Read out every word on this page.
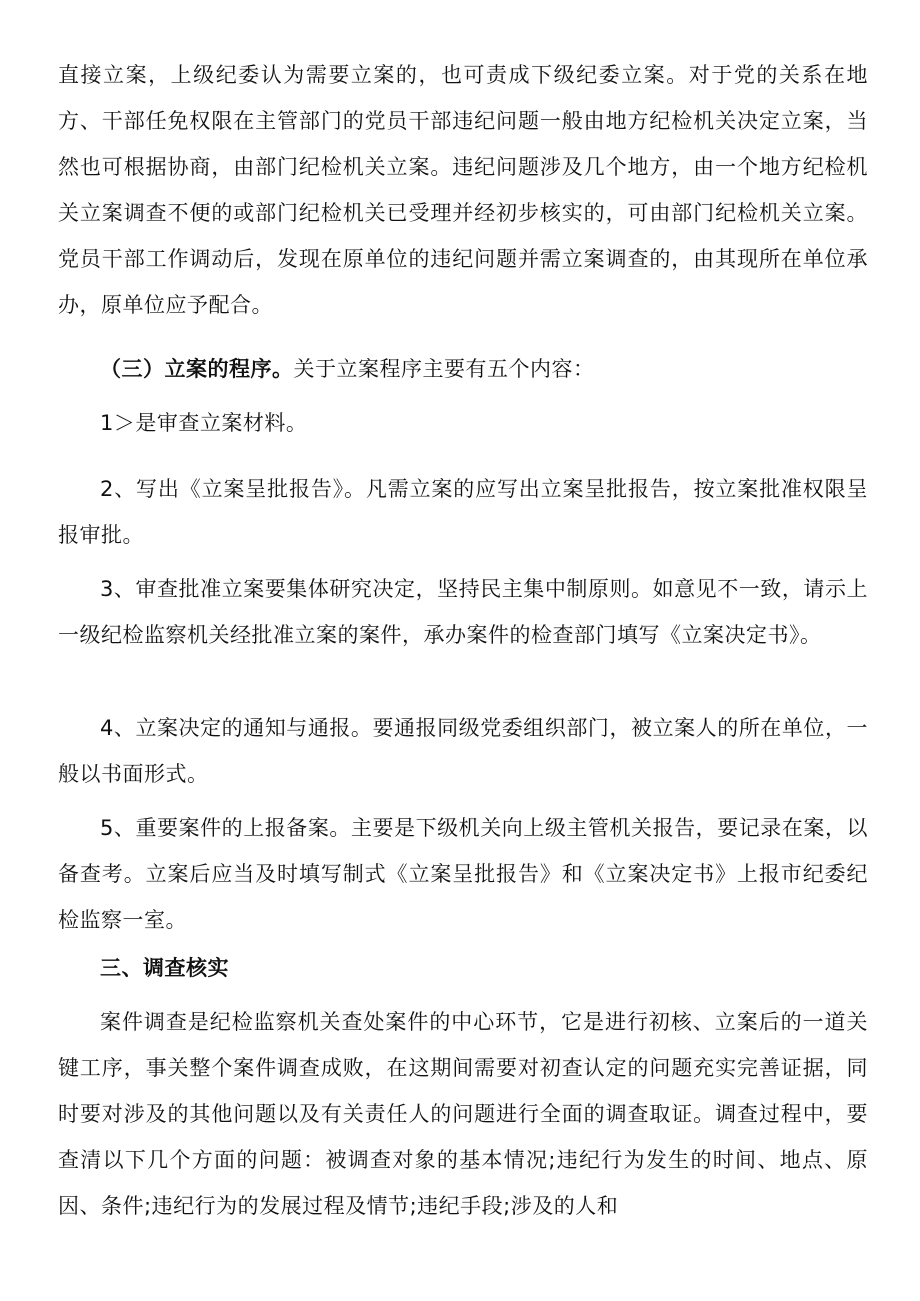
直接立案，上级纪委认为需要立案的，也可责成下级纪委立案。对于党的关系在地方、干部任免权限在主管部门的党员干部违纪问题一般由地方纪检机关决定立案，当然也可根据协商，由部门纪检机关立案。违纪问题涉及几个地方，由一个地方纪检机关立案调查不便的或部门纪检机关已受理并经初步核实的，可由部门纪检机关立案。党员干部工作调动后，发现在原单位的违纪问题并需立案调查的，由其现所在单位承办，原单位应予配合。

（三）立案的程序。关于立案程序主要有五个内容：

1＞是审查立案材料。

2、写出《立案呈批报告》。凡需立案的应写出立案呈批报告，按立案批准权限呈报审批。

3、审查批准立案要集体研究决定，坚持民主集中制原则。如意见不一致，请示上一级纪检监察机关经批准立案的案件，承办案件的检查部门填写《立案决定书》。

4、立案决定的通知与通报。要通报同级党委组织部门，被立案人的所在单位，一般以书面形式。

5、重要案件的上报备案。主要是下级机关向上级主管机关报告，要记录在案，以备查考。立案后应当及时填写制式《立案呈批报告》和《立案决定书》上报市纪委纪检监察一室。

三、调查核实

案件调查是纪检监察机关查处案件的中心环节，它是进行初核、立案后的一道关键工序，事关整个案件调查成败，在这期间需要对初查认定的问题充实完善证据，同时要对涉及的其他问题以及有关责任人的问题进行全面的调查取证。调查过程中，要查清以下几个方面的问题：被调查对象的基本情况;违纪行为发生的时间、地点、原因、条件;违纪行为的发展过程及情节;违纪手段;涉及的人和
